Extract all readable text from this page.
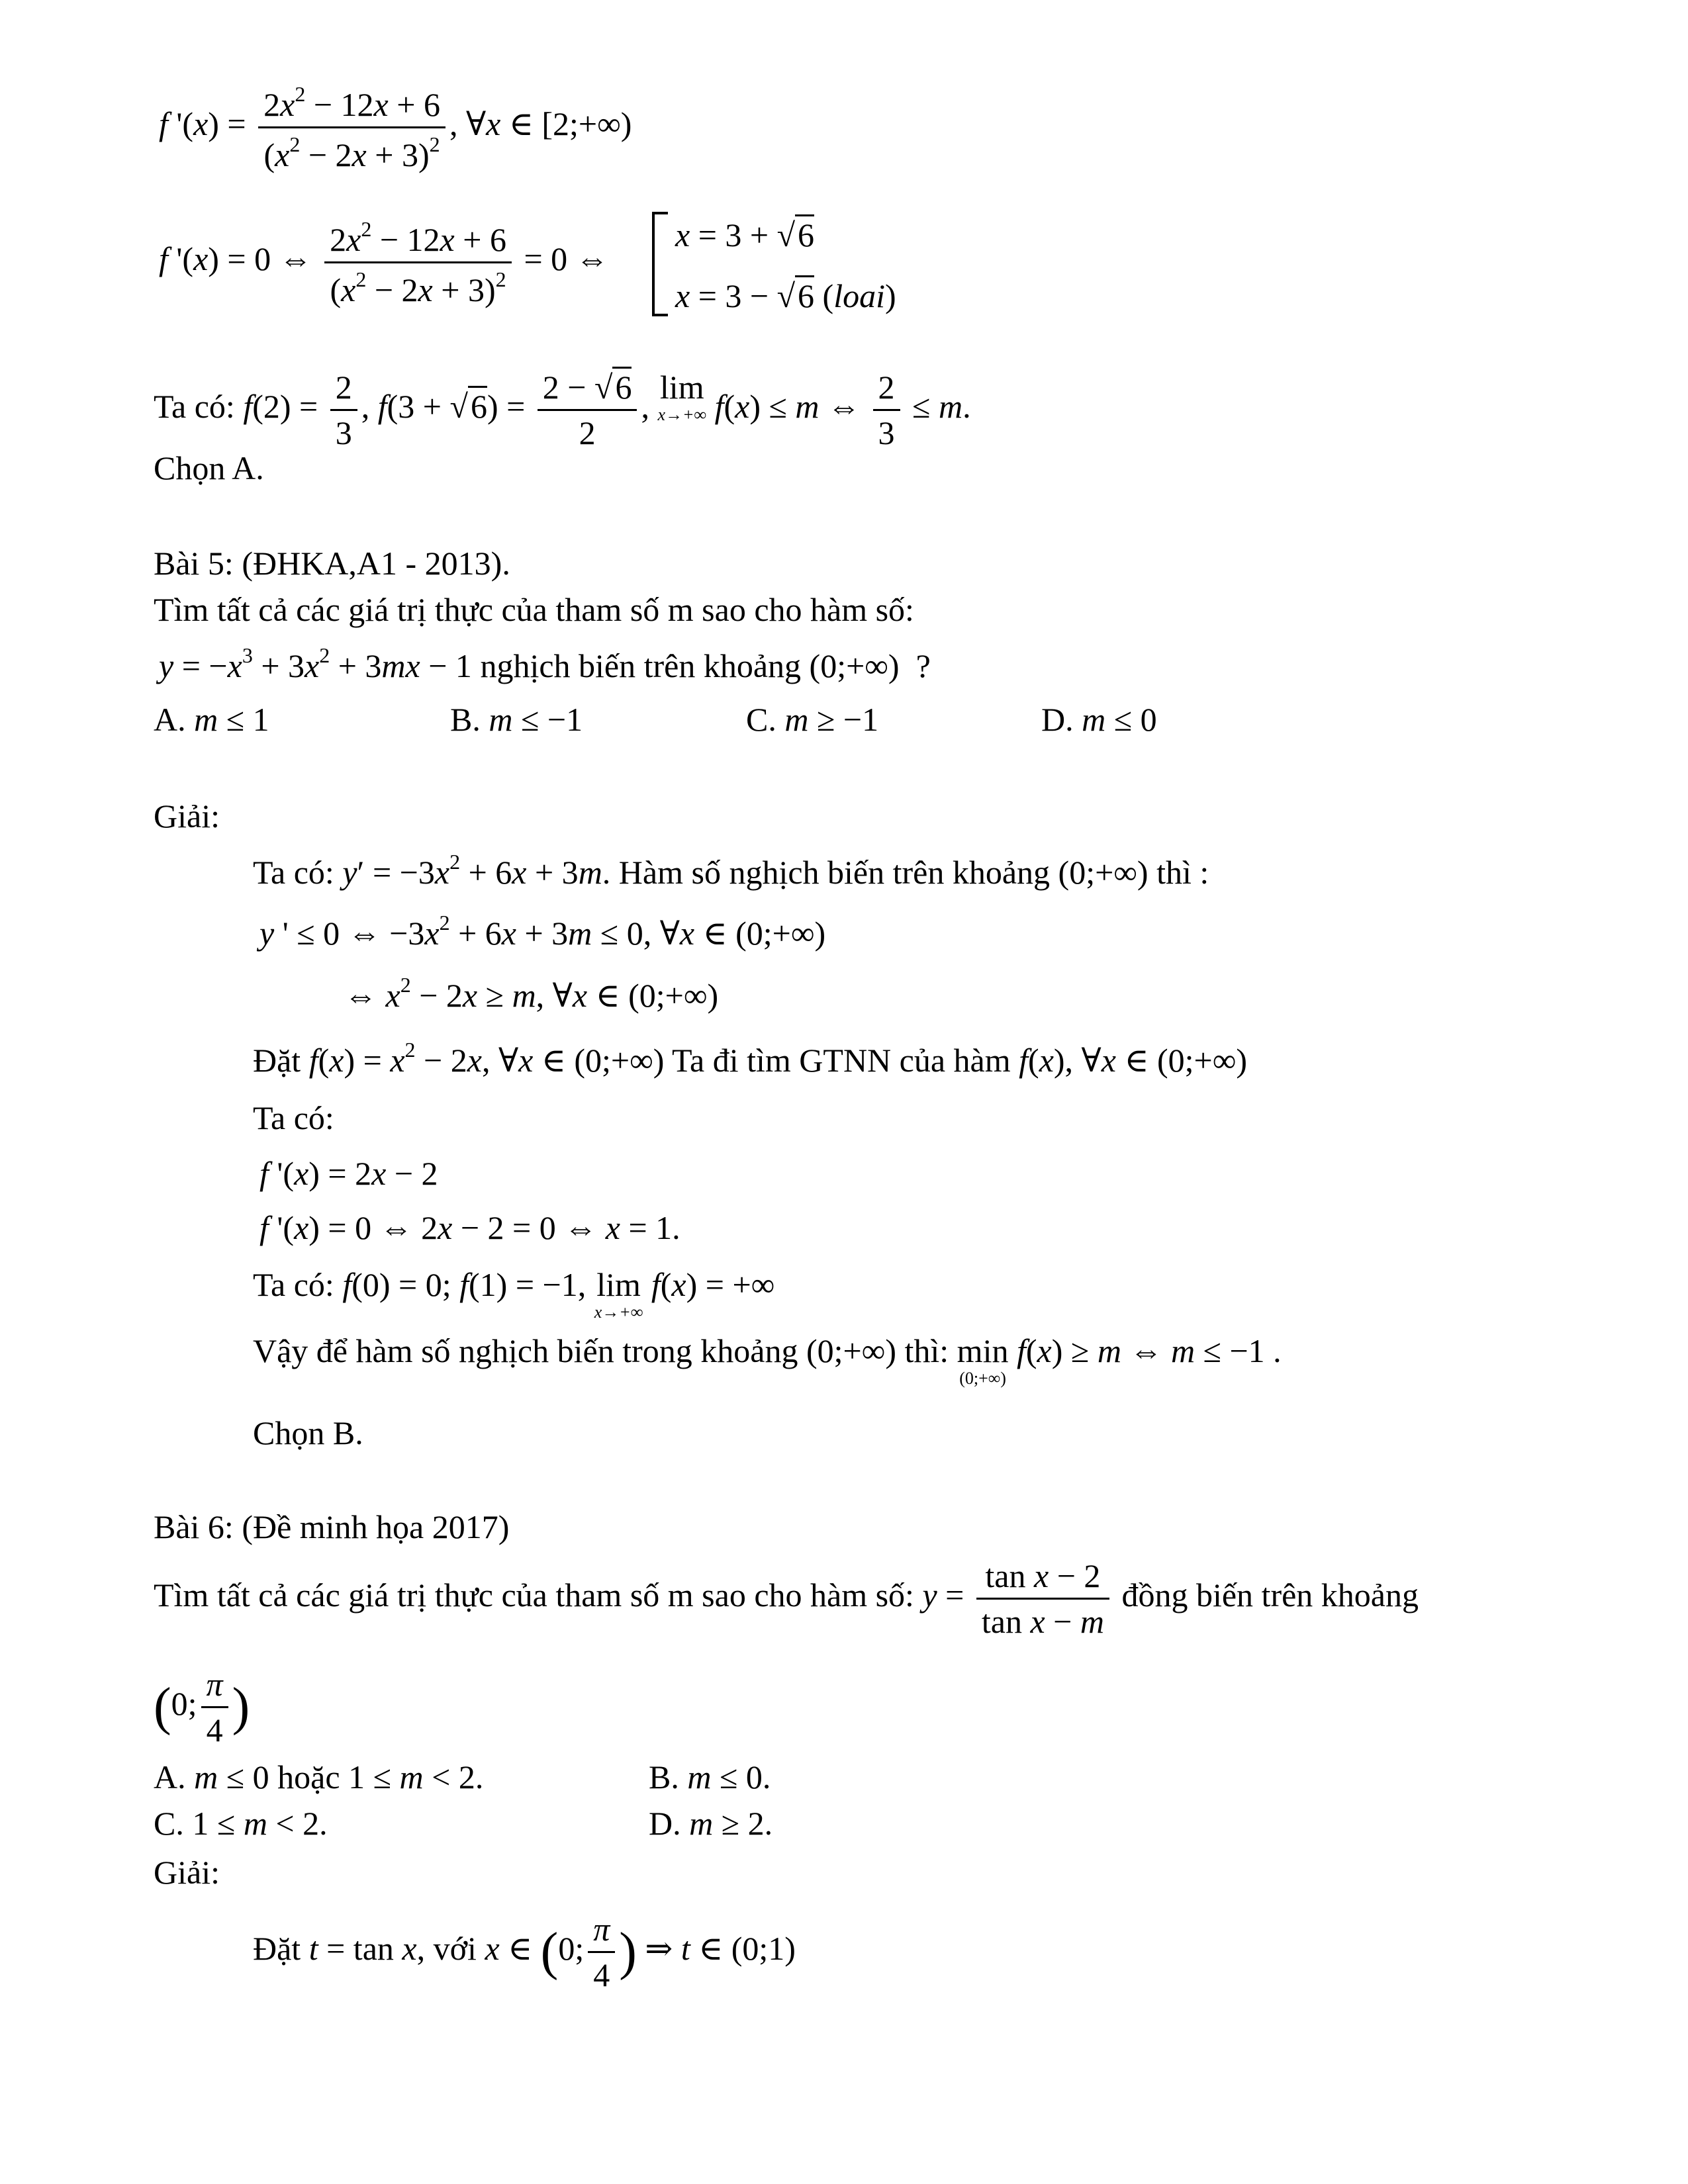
f '$(x) = \frac{2x^2 - 12x + 6}{(x^2 - 2x + 3)^2}$ , ∀x ∈ [2;+∞)
f '(x) = 0 ⇔ $\frac{2x^2 - 12x + 6}{(x^2 - 2x + 3)^2} = 0$ ⇔
x = 3 + √6
x = 3 − √6 (loai)
Ta có: $f(2) = \frac{2}{3}$ , $f(3 + √6) = \frac{2 - √6}{2}$ , lim
x→+∞ f(x) ≤ m ⇔ $\frac{2}{3} \le m$.
Chọn A.
Bài 5: (ĐHKA,A1 - 2013).
Tìm tất cả các giá trị thực của tham số m sao cho hàm số:
$y = -x^3 + 3x^2 + 3mx - 1$ nghịch biến trên khoảng (0;+∞)  ?
A. m ≤ 1	B. m ≤ −1	C. m ≥ −1	D. m ≤ 0
Giải:
Ta có: $y' = -3x^2 + 6x + 3m$. Hàm số nghịch biến trên khoảng (0;+∞) thì :
y ' ≤ 0 ⇔ $-3x^2 + 6x + 3m \le 0$, ∀x ∈ (0;+∞)
⇔ $x^2 - 2x \ge m$, ∀x ∈ (0;+∞)
Đặt $f(x) = x^2 - 2x$, ∀x ∈ (0;+∞) Ta đi tìm GTNN của hàm f(x), ∀x ∈ (0;+∞)
Ta có:
f '(x) = 2x − 2
f '(x) = 0 ⇔ 2x − 2 = 0 ⇔ x = 1.
Ta có: f(0) = 0; f(1) = −1, lim
x→+∞
f(x) = +∞
Vậy để hàm số nghịch biến trong khoảng (0;+∞) thì: min
(0;+∞)
f(x) ≥ m ⇔ m ≤ −1 .
Chọn B.
Bài 6: (Đề minh họa 2017)
Tìm tất cả các giá trị thực của tham số m sao cho hàm số: $y = \frac{\text{tan x − 2}}{\text{tan x − m}}$ đồng biến trên khoảng
(0; $\frac{\pi}{4}$ )
A. m ≤ 0 hoặc 1 ≤ m < 2.	B. m ≤ 0.
C. 1 ≤ m < 2.	D. m ≥ 2.
Giải:
Đặt t = tan x, với x ∈ (0; $\frac{\pi}{4}$ ) ⇒ t ∈ (0;1)
